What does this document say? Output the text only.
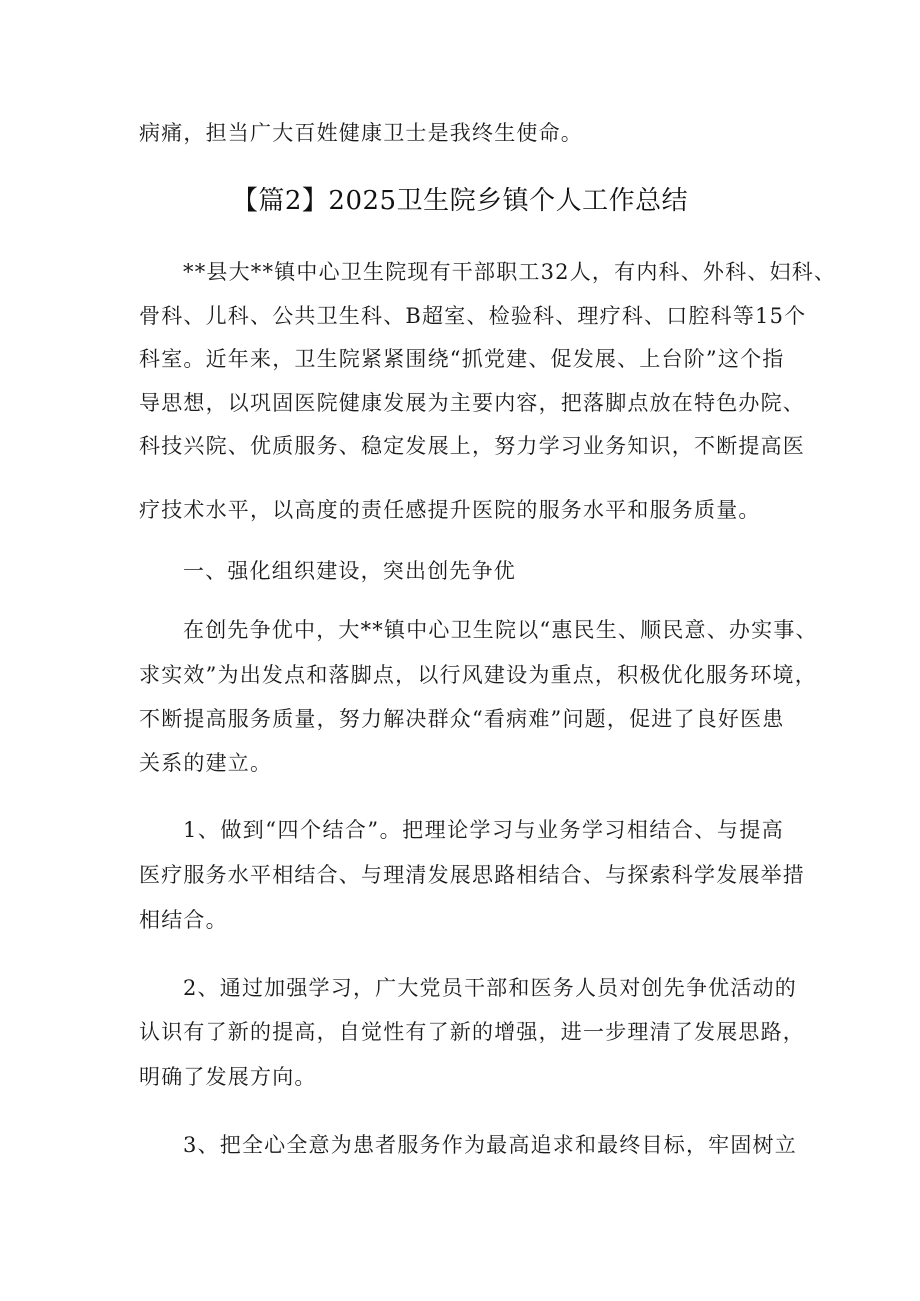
病痛，担当广大百姓健康卫士是我终生使命。
【篇2】2025卫生院乡镇个人工作总结
**县大**镇中心卫生院现有干部职工32人，有内科、外科、妇科、
骨科、儿科、公共卫生科、B超室、检验科、理疗科、口腔科等15个
科室。近年来，卫生院紧紧围绕“抓党建、促发展、上台阶”这个指
导思想，以巩固医院健康发展为主要内容，把落脚点放在特色办院、
科技兴院、优质服务、稳定发展上，努力学习业务知识，不断提高医
疗技术水平，以高度的责任感提升医院的服务水平和服务质量。
一、强化组织建设，突出创先争优
在创先争优中，大**镇中心卫生院以“惠民生、顺民意、办实事、
求实效”为出发点和落脚点，以行风建设为重点，积极优化服务环境，
不断提高服务质量，努力解决群众“看病难”问题，促进了良好医患
关系的建立。
1、做到“四个结合”。把理论学习与业务学习相结合、与提高
医疗服务水平相结合、与理清发展思路相结合、与探索科学发展举措
相结合。
2、通过加强学习，广大党员干部和医务人员对创先争优活动的
认识有了新的提高，自觉性有了新的增强，进一步理清了发展思路，
明确了发展方向。
3、把全心全意为患者服务作为最高追求和最终目标，牢固树立
